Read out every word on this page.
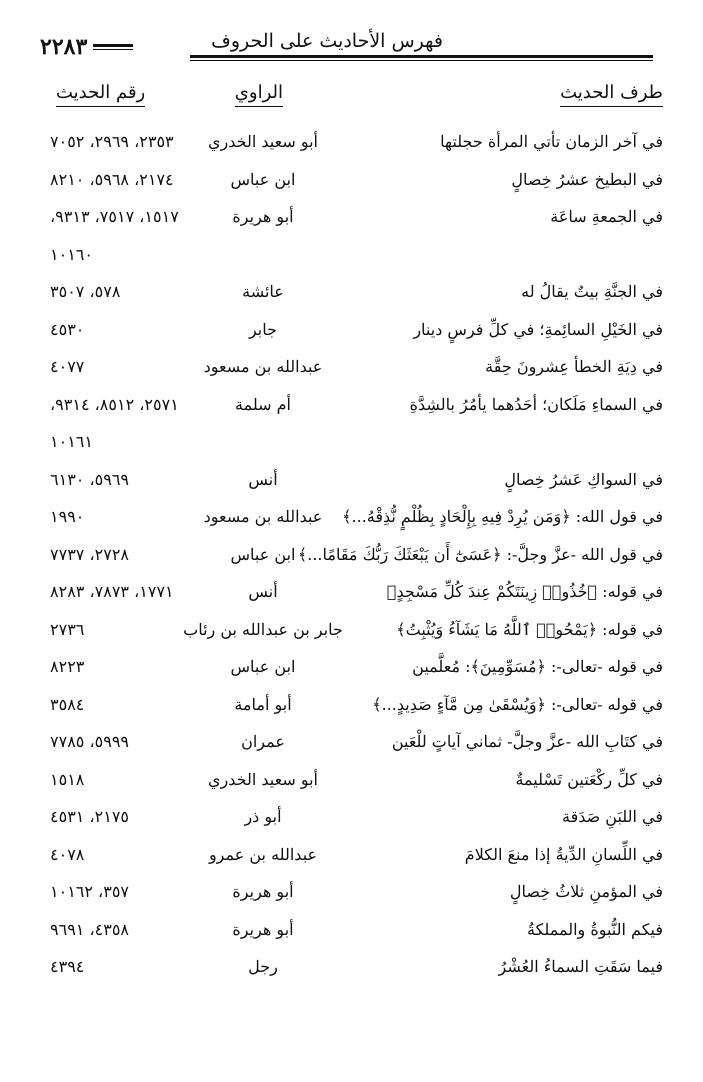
فهرس الأحاديث على الحروف
٢٢٨٣
طرف الحديث
الراوي
رقم الحديث
في آخر الزمان تأتي المرأة حجلتها
أبو سعيد الخدري
٢٣٥٣، ٢٩٦٩، ٧٠٥٢
في البطيخ عشرُ خِصالٍ
ابن عباس
٢١٧٤، ٥٩٦٨، ٨٢١٠
في الجمعةِ ساعَة
أبو هريرة
١٥١٧، ٧٥١٧، ٩٣١٣،
١٠١٦٠
في الجنَّةِ بيتٌ يقالُ له
عائشة
٥٧٨، ٣٥٠٧
في الخَيْلِ السائِمةِ؛ في كلِّ فرسٍ دينار
جابر
٤٥٣٠
في دِيَةِ الخطأ عِشرونَ حِقَّة
عبدالله بن مسعود
٤٠٧٧
في السماءِ مَلَكان؛ أحَدُهما يأمُرُ بالشِدَّةِ
أم سلمة
٢٥٧١، ٨٥١٢، ٩٣١٤،
١٠١٦١
في السواكِ عَشرُ خِصالٍ
أنس
٥٩٦٩، ٦١٣٠
في قول الله: ﴿وَمَن يُرِدْ فِيهِ بِإِلْحَادٍ بِظُلْمٍ نُّذِقْهُ...﴾
عبدالله بن مسعود
١٩٩٠
في قول الله -عزَّ وجلَّ-: ﴿عَسَىٰٓ أَن يَبْعَثَكَ رَبُّكَ مَقَامًا...﴾
ابن عباس
٢٧٢٨، ٧٧٣٧
في قوله: ﴿خُذُوا۟ زِينَتَكُمْ عِندَ كُلِّ مَسْجِدٍ﴾
أنس
١٧٧١، ٧٨٧٣، ٨٢٨٣
في قوله: ﴿يَمْحُوا۟ ٱللَّهُ مَا يَشَآءُ وَيُثْبِتُ﴾
جابر بن عبدالله بن رئاب
٢٧٣٦
في قوله -تعالى-: ﴿مُسَوِّمِينَ﴾: مُعلَّمين
ابن عباس
٨٢٢٣
في قوله -تعالى-: ﴿وَيُسْقَىٰ مِن مَّآءٍ صَدِيدٍ...﴾
أبو أمامة
٣٥٨٤
في كتَابِ الله -عزَّ وجلَّ- ثماني آياتٍ للْعَين
عمران
٥٩٩٩، ٧٧٨٥
في كلِّ ركْعَتين تَسْليمةٌ
أبو سعيد الخدري
١٥١٨
في اللبَنِ صَدَقة
أبو ذر
٢١٧٥، ٤٥٣١
في اللِّسانِ الدِّيةُ إذا منعَ الكلامَ
عبدالله بن عمرو
٤٠٧٨
في المؤمنِ ثلاثُ خِصالٍ
أبو هريرة
٣٥٧، ١٠١٦٢
فيكم النُّبوةُ والمملكةُ
أبو هريرة
٤٣٥٨، ٩٦٩١
فيما سَقَتِ السماءُ العُشْرُ
رجل
٤٣٩٤
